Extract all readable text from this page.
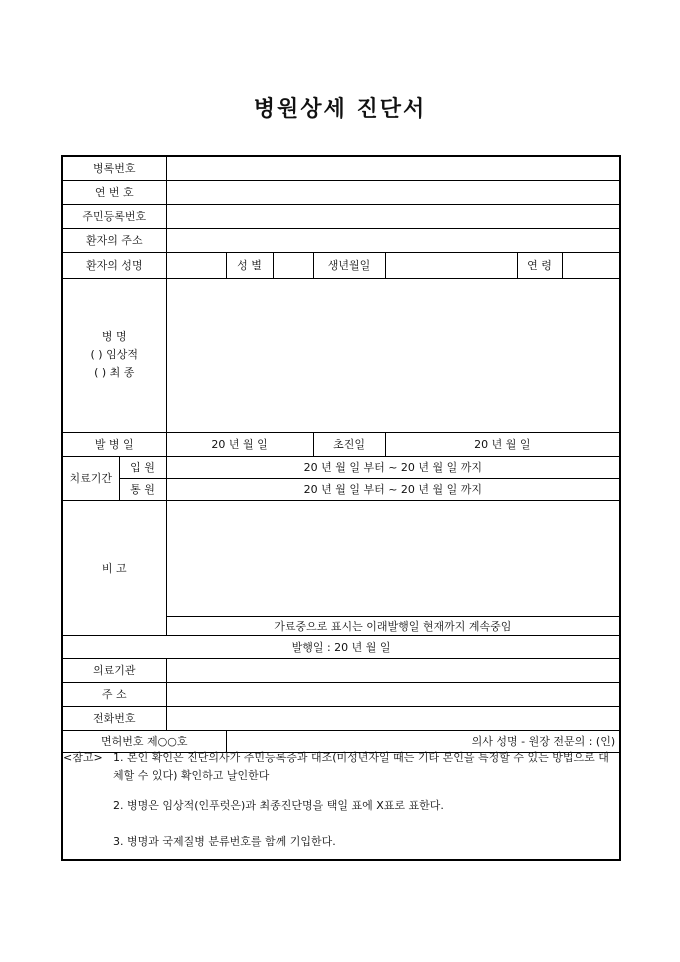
병원상세 진단서
병록번호								
연 번 호								
주민등록번호								
환자의 주소								
환자의 성명			성 별		생년월일		연 령	

병 명
( ) 임상적
( ) 최 종								

발 병 일		20 년 월 일			초진일	20 년 월 일		
치료기간	입 원	20 년 월 일 부터 ~ 20 년 월 일 까지						
	통 원	20 년 월 일 부터 ~ 20 년 월 일 까지						
비 고								
		가료중으로 표시는 이래발행일 현재까지 계속중임						
발행일 : 20 년 월 일								
의료기관								
주 소								
전화번호								
면허번호 제○○호			의사 성명 - 원장 전문의 : (인)					

<참고> 1. 본인 확인은 진단의사가 주민등록증과 대조(미성년자일 때는 기타 본인을 특정할 수 있는 방법으로 대체할 수 있다) 확인하고 날인한다
2. 병명은 임상적(인푸럿은)과 최종진단명을 택일 표에 X표로 표한다.
3. 병명과 국제질병 분류번호를 함께 기입한다.
